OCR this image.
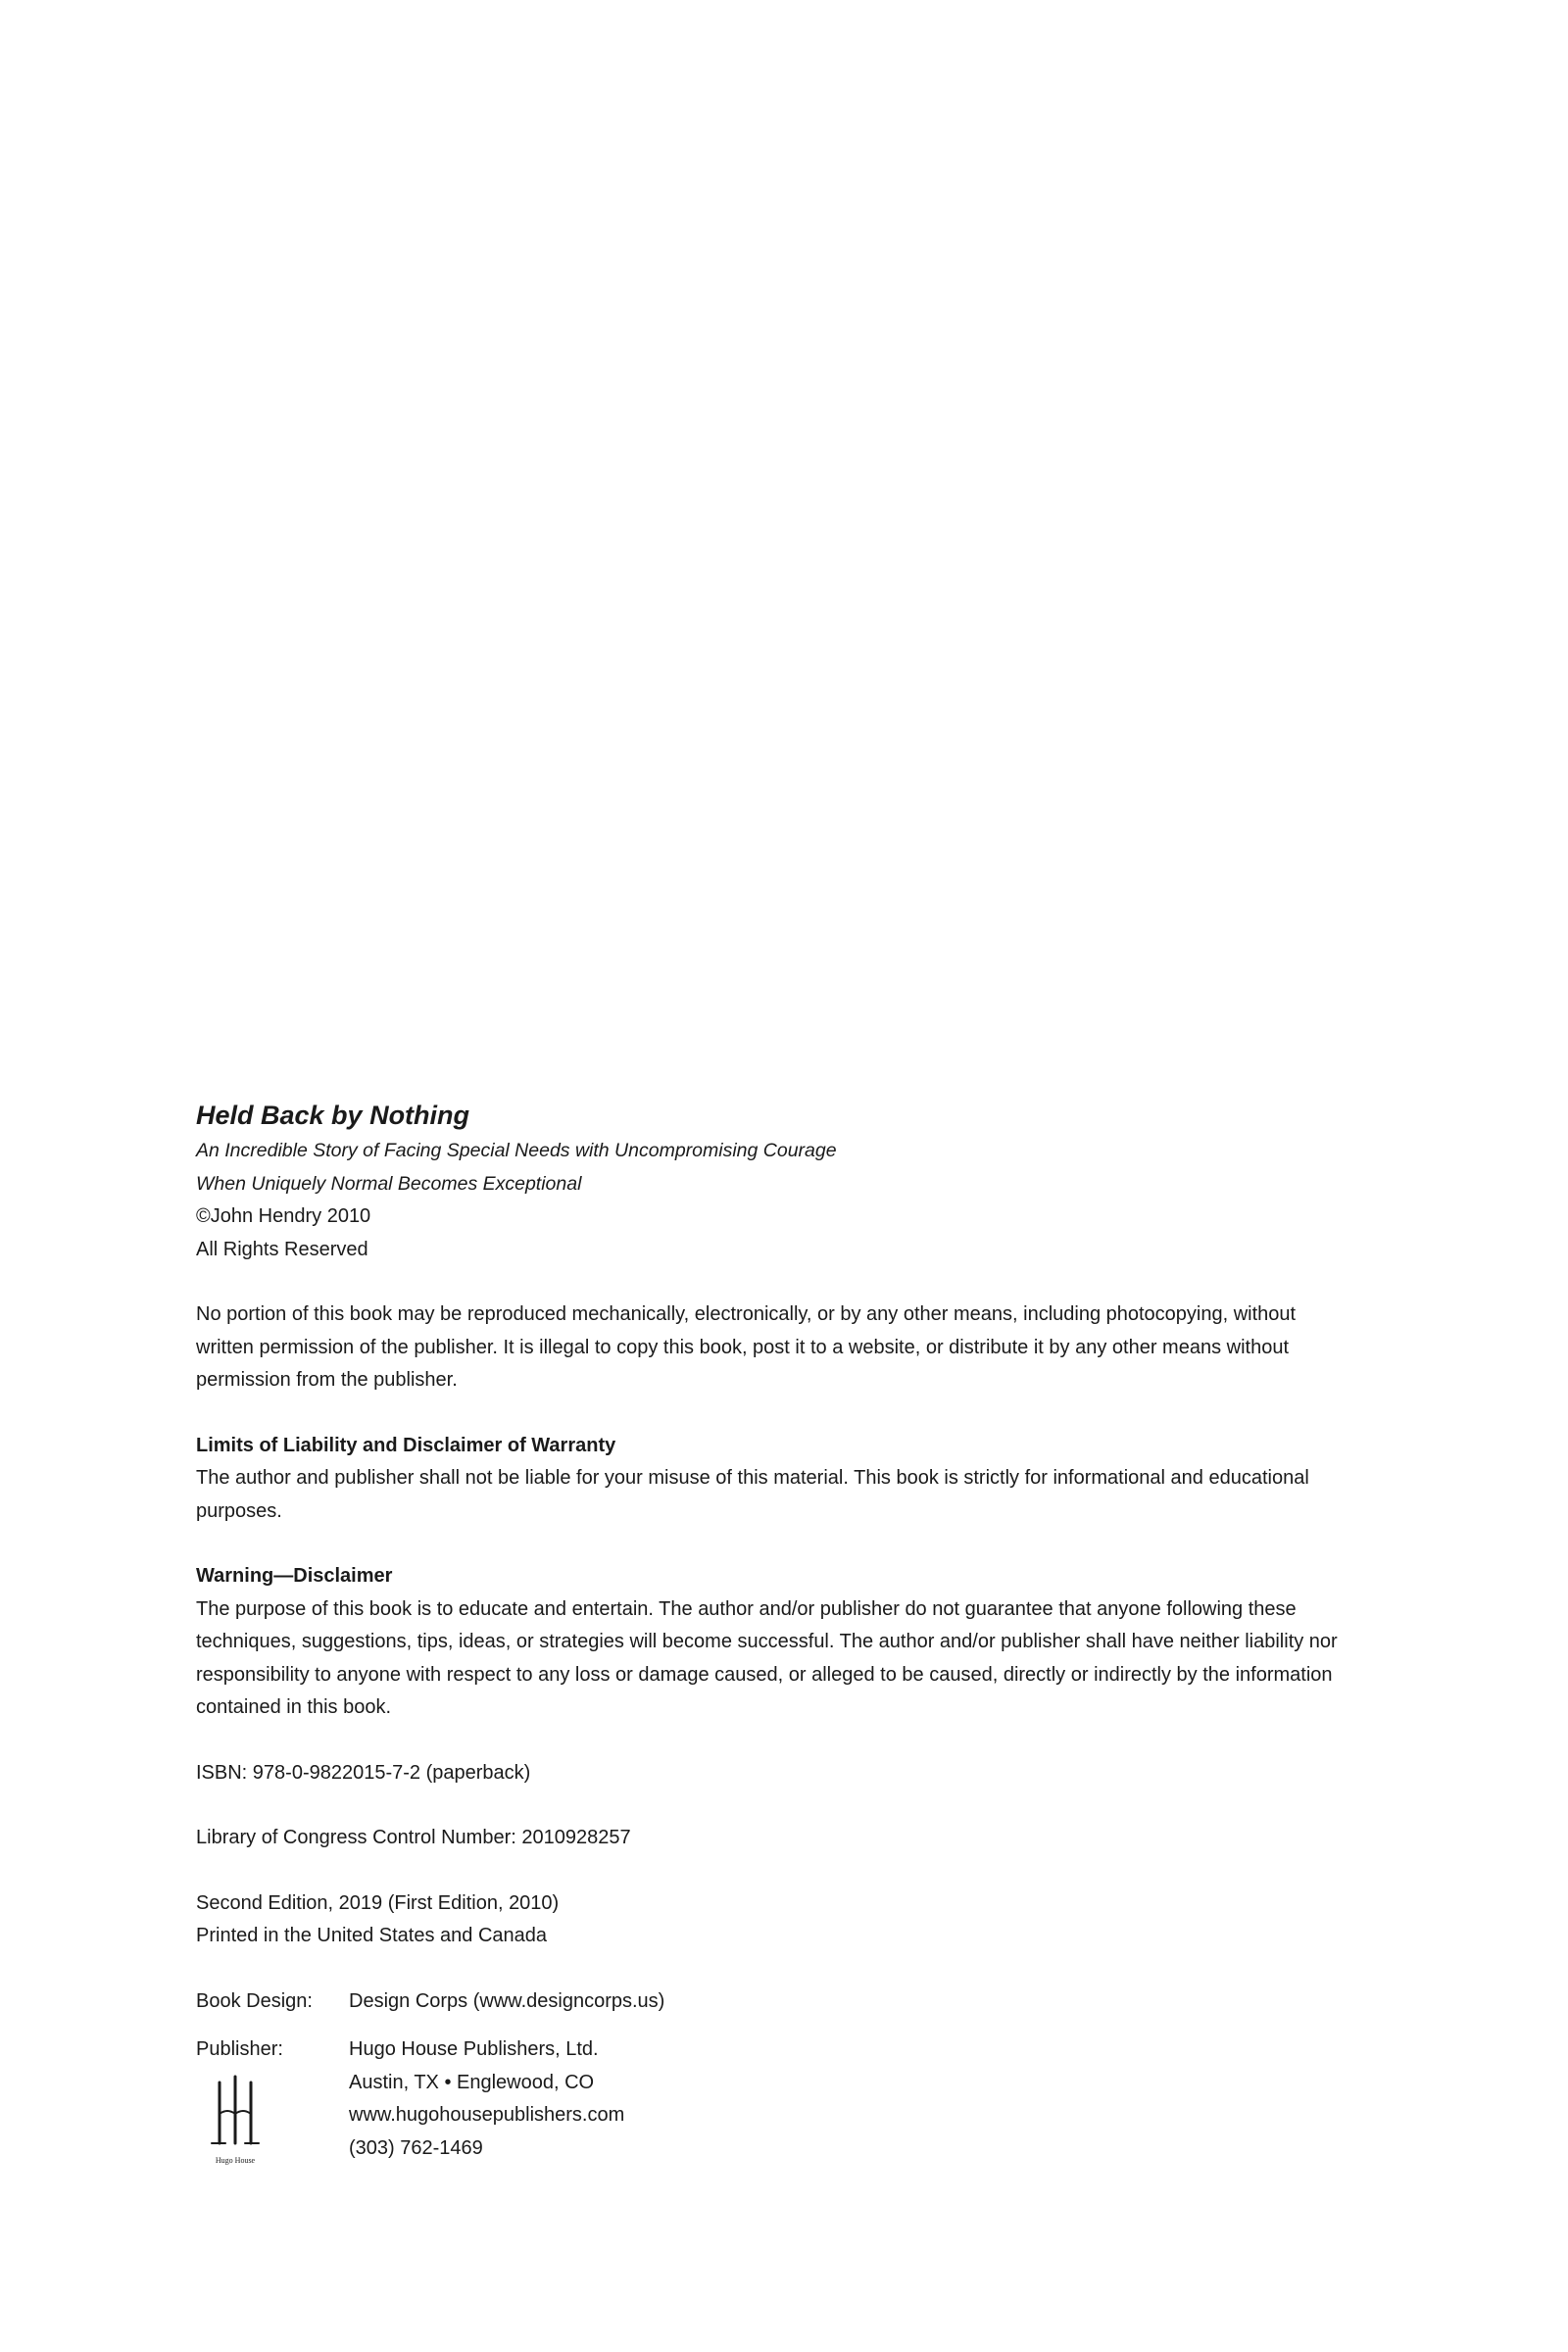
Held Back by Nothing

An Incredible Story of Facing Special Needs with Uncompromising Courage

When Uniquely Normal Becomes Exceptional

©John Hendry 2010

All Rights Reserved

No portion of this book may be reproduced mechanically, electronically, or by any other means, including photocopying, without written permission of the publisher. It is illegal to copy this book, post it to a website, or distribute it by any other means without permission from the publisher.

Limits of Liability and Disclaimer of Warranty

The author and publisher shall not be liable for your misuse of this material. This book is strictly for informational and educational purposes.

Warning—Disclaimer

The purpose of this book is to educate and entertain. The author and/or publisher do not guarantee that anyone following these techniques, suggestions, tips, ideas, or strategies will become successful. The author and/or publisher shall have neither liability nor responsibility to anyone with respect to any loss or damage caused, or alleged to be caused, directly or indirectly by the information contained in this book.

ISBN: 978-0-9822015-7-2 (paperback)

Library of Congress Control Number: 2010928257

Second Edition, 2019 (First Edition, 2010)

Printed in the United States and Canada

Book Design:	Design Corps (www.designcorps.us)

Publisher:

Hugo House

Hugo House Publishers, Ltd.

Austin, TX • Englewood, CO

www.hugohousepublishers.com

(303) 762-1469
